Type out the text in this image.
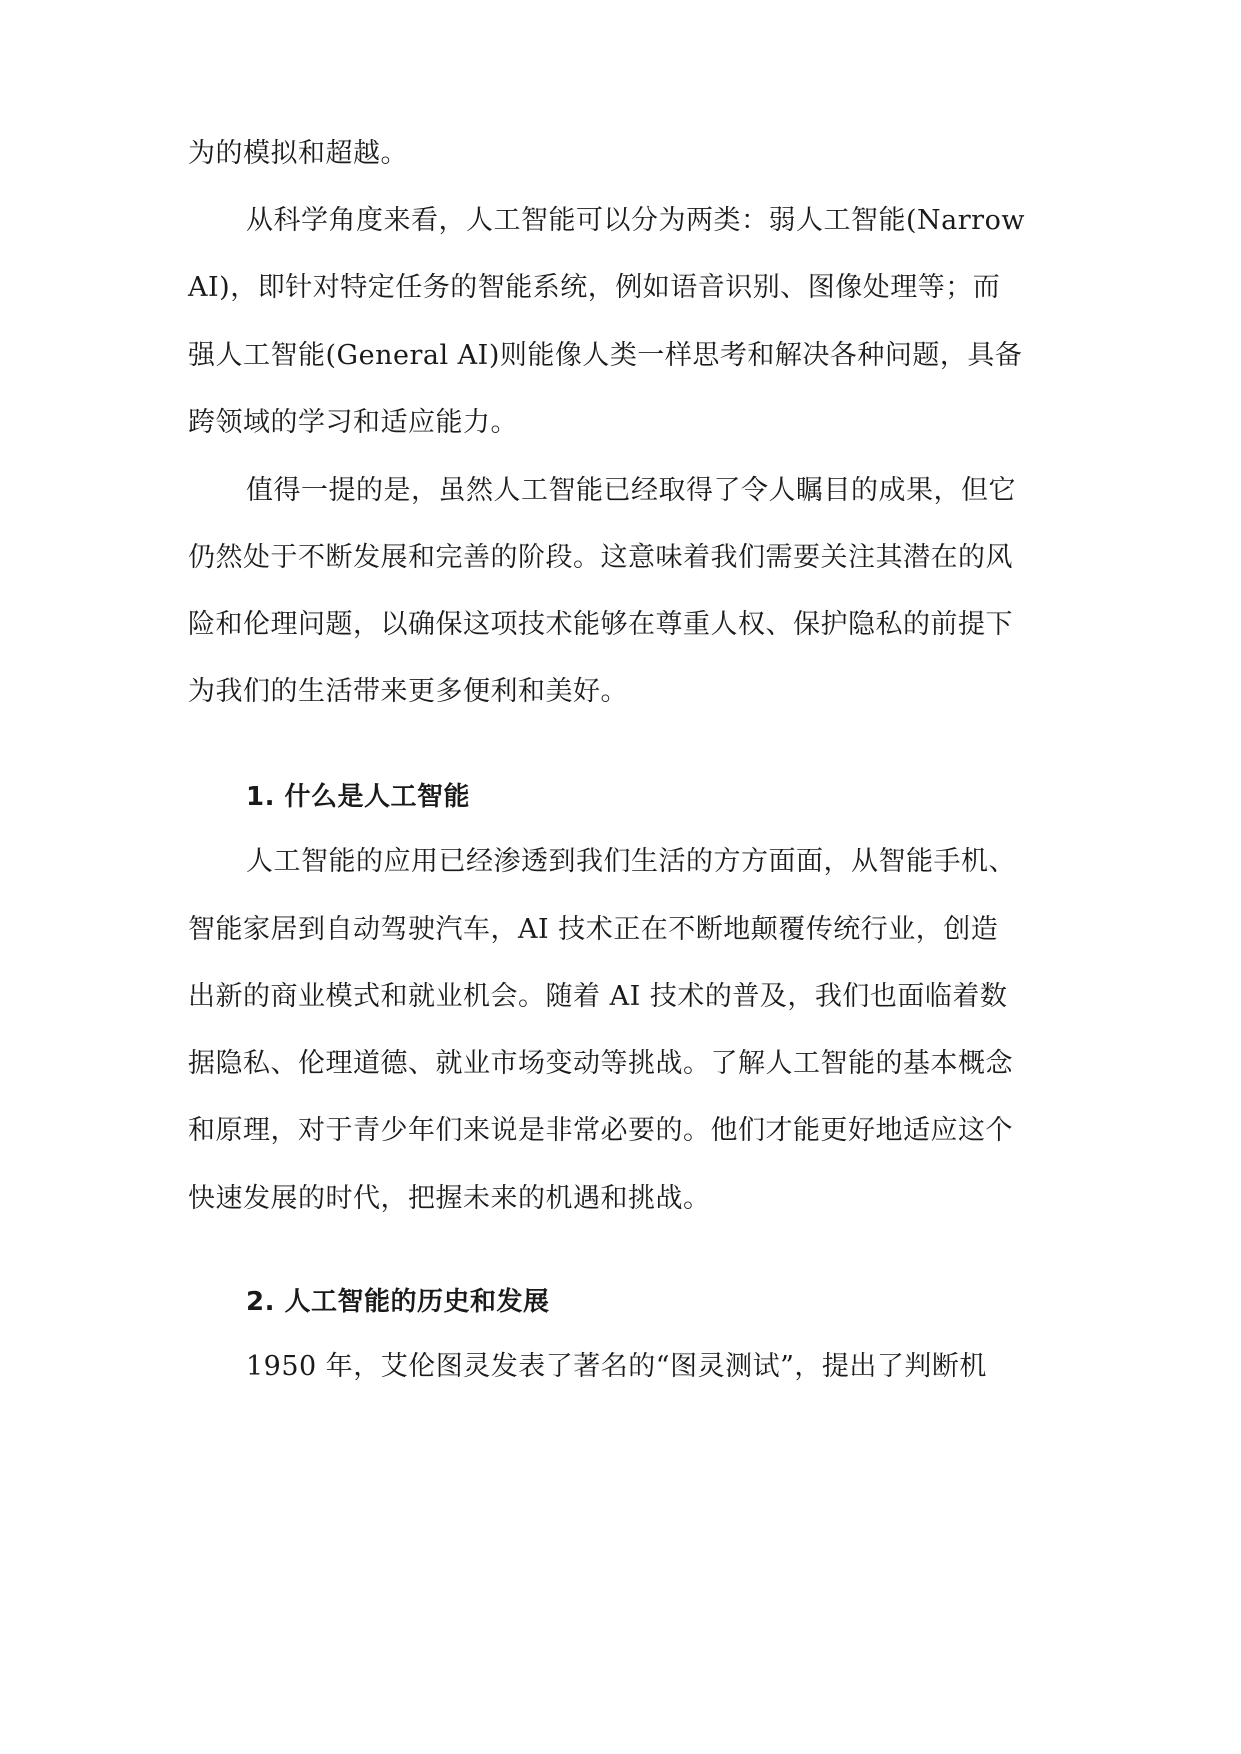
为的模拟和超越。
从科学角度来看，人工智能可以分为两类：弱人工智能(Narrow
AI)，即针对特定任务的智能系统，例如语音识别、图像处理等；而
强人工智能(General AI)则能像人类一样思考和解决各种问题，具备
跨领域的学习和适应能力。
值得一提的是，虽然人工智能已经取得了令人瞩目的成果，但它
仍然处于不断发展和完善的阶段。这意味着我们需要关注其潜在的风
险和伦理问题，以确保这项技术能够在尊重人权、保护隐私的前提下
为我们的生活带来更多便利和美好。
1. 什么是人工智能
人工智能的应用已经渗透到我们生活的方方面面，从智能手机、
智能家居到自动驾驶汽车，AI 技术正在不断地颠覆传统行业，创造
出新的商业模式和就业机会。随着 AI 技术的普及，我们也面临着数
据隐私、伦理道德、就业市场变动等挑战。了解人工智能的基本概念
和原理，对于青少年们来说是非常必要的。他们才能更好地适应这个
快速发展的时代，把握未来的机遇和挑战。
2. 人工智能的历史和发展
1950 年，艾伦图灵发表了著名的“图灵测试”，提出了判断机
